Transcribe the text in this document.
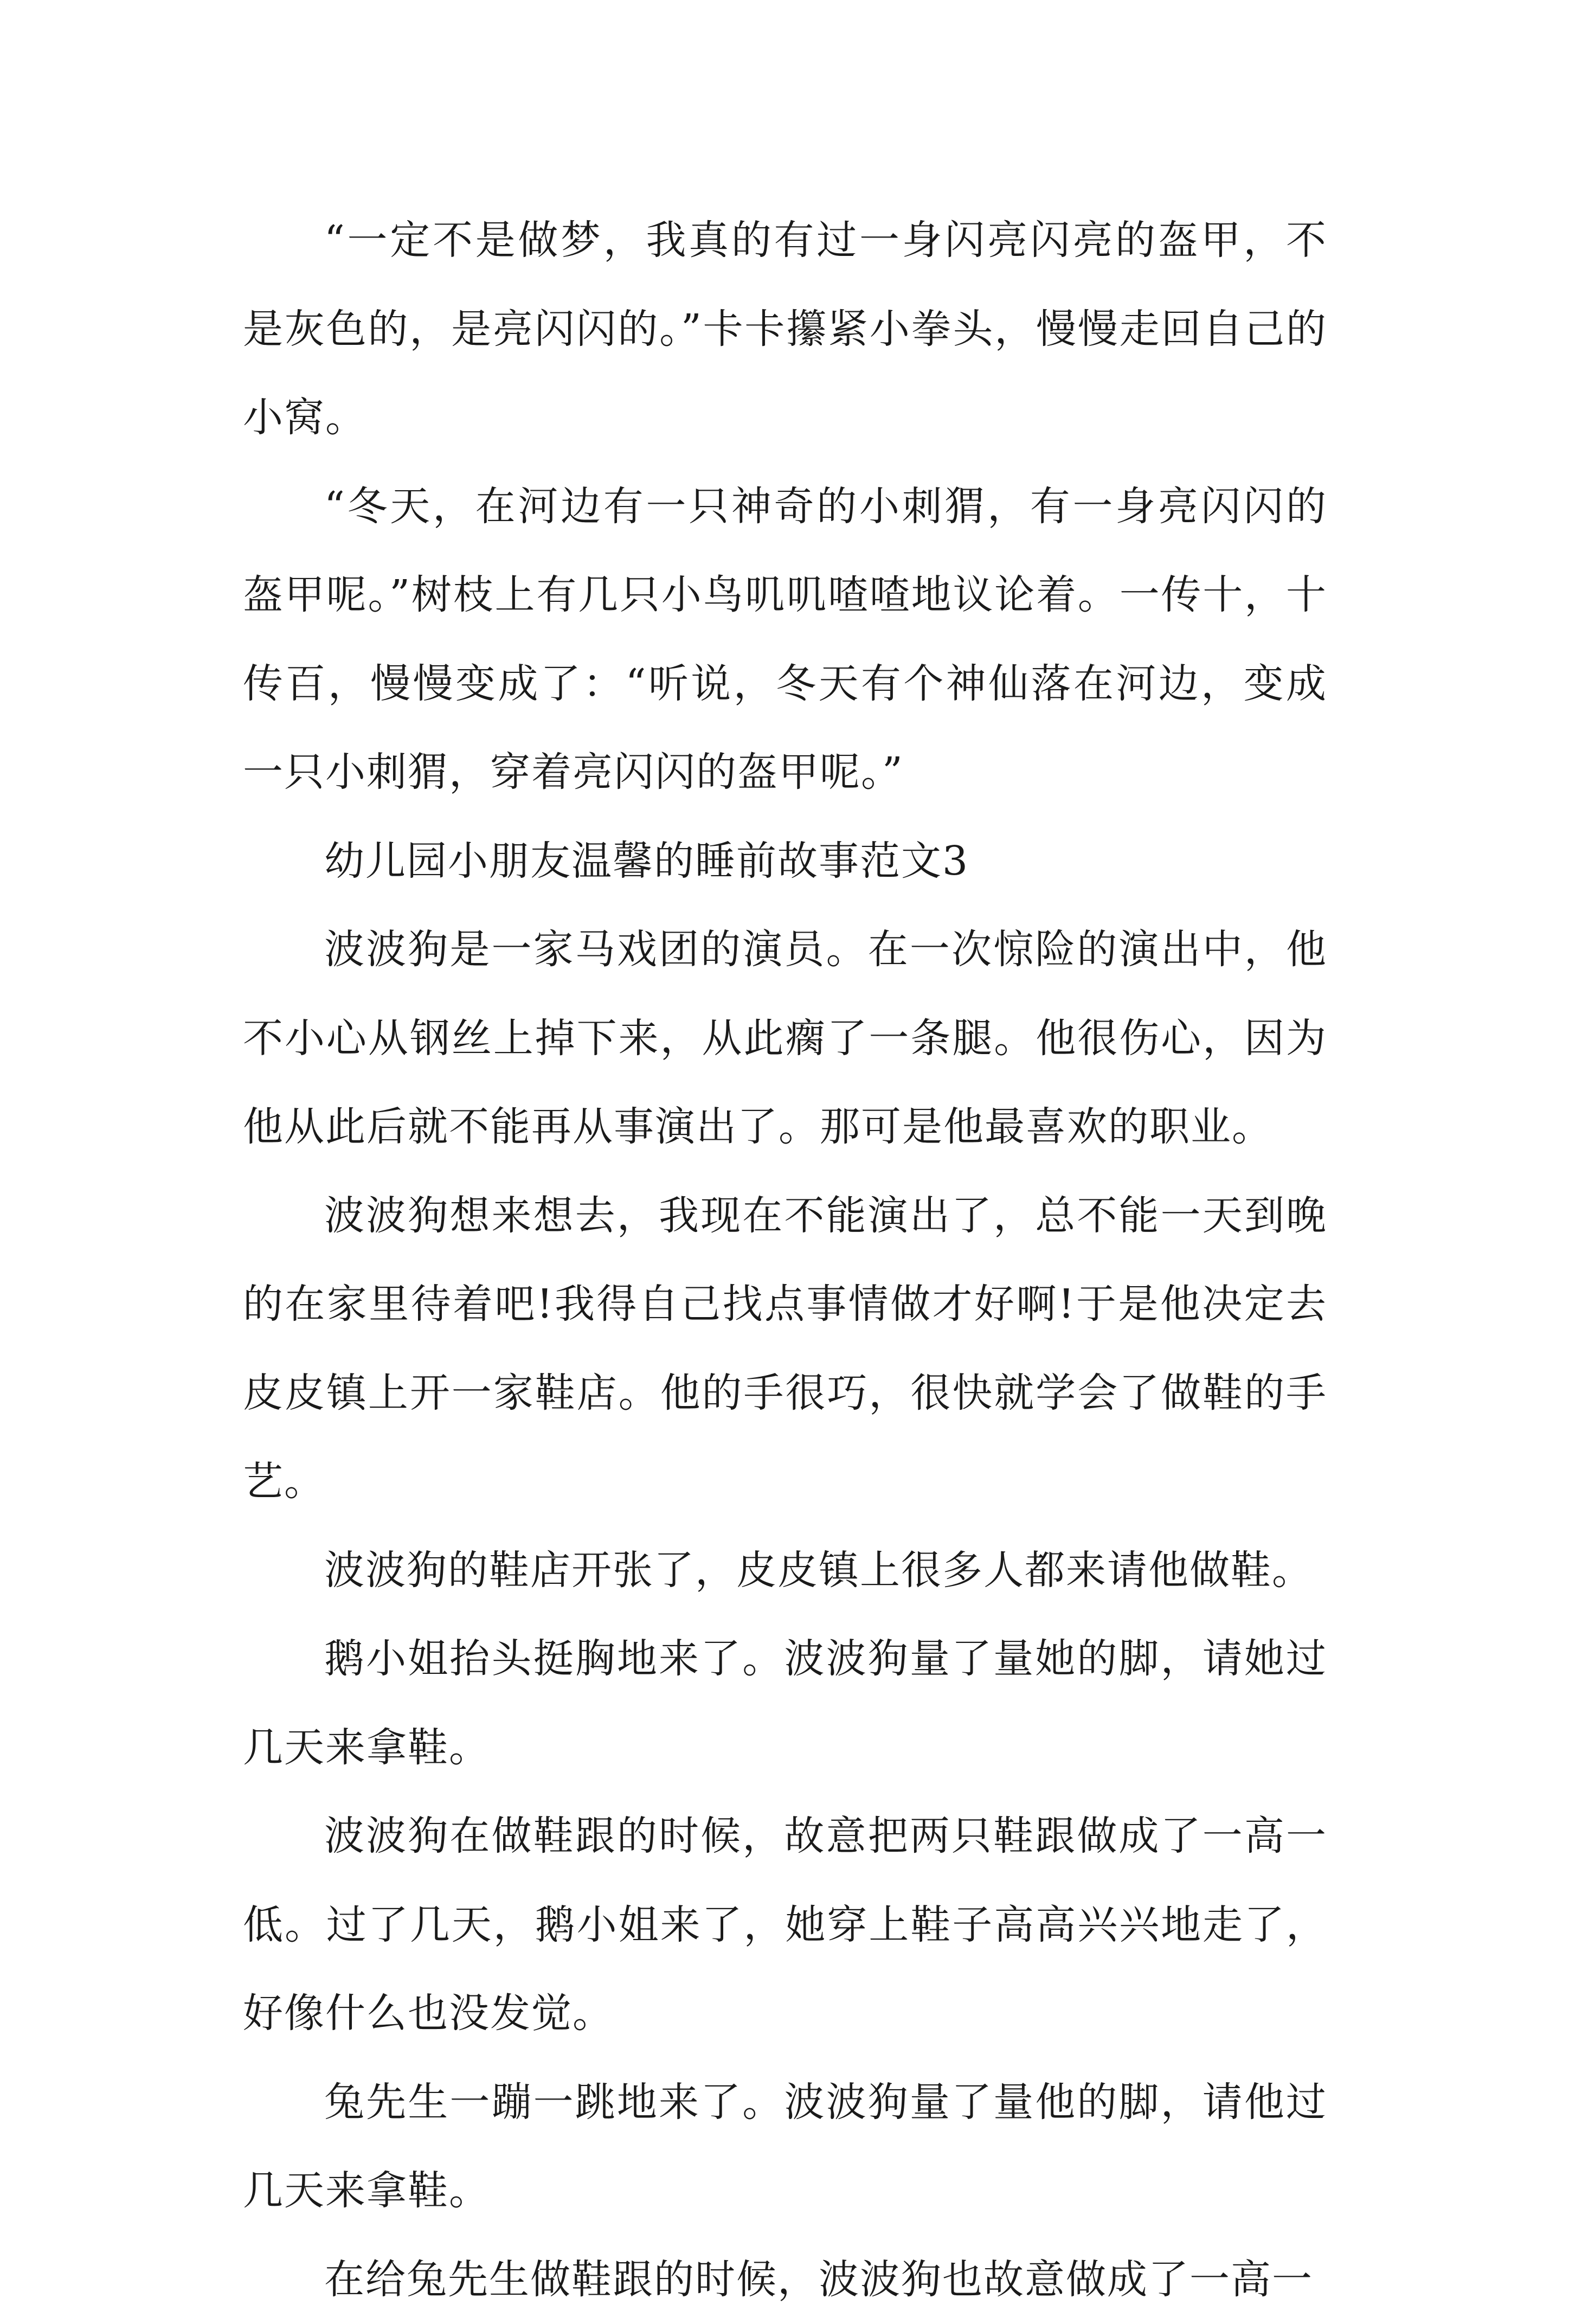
“一定不是做梦，我真的有过一身闪亮闪亮的盔甲，不是灰色的，是亮闪闪的。”卡卡攥紧小拳头，慢慢走回自己的小窝。

“冬天，在河边有一只神奇的小刺猬，有一身亮闪闪的盔甲呢。”树枝上有几只小鸟叽叽喳喳地议论着。一传十，十传百，慢慢变成了：“听说，冬天有个神仙落在河边，变成一只小刺猬，穿着亮闪闪的盔甲呢。”

幼儿园小朋友温馨的睡前故事范文3

波波狗是一家马戏团的演员。在一次惊险的演出中，他不小心从钢丝上掉下来，从此瘸了一条腿。他很伤心，因为他从此后就不能再从事演出了。那可是他最喜欢的职业。

波波狗想来想去，我现在不能演出了，总不能一天到晚的在家里待着吧!我得自己找点事情做才好啊!于是他决定去皮皮镇上开一家鞋店。他的手很巧，很快就学会了做鞋的手艺。

波波狗的鞋店开张了，皮皮镇上很多人都来请他做鞋。

鹅小姐抬头挺胸地来了。波波狗量了量她的脚，请她过几天来拿鞋。

波波狗在做鞋跟的时候，故意把两只鞋跟做成了一高一低。过了几天，鹅小姐来了，她穿上鞋子高高兴兴地走了，好像什么也没发觉。

兔先生一蹦一跳地来了。波波狗量了量他的脚，请他过几天来拿鞋。

在给兔先生做鞋跟的时候，波波狗也故意做成了一高一
